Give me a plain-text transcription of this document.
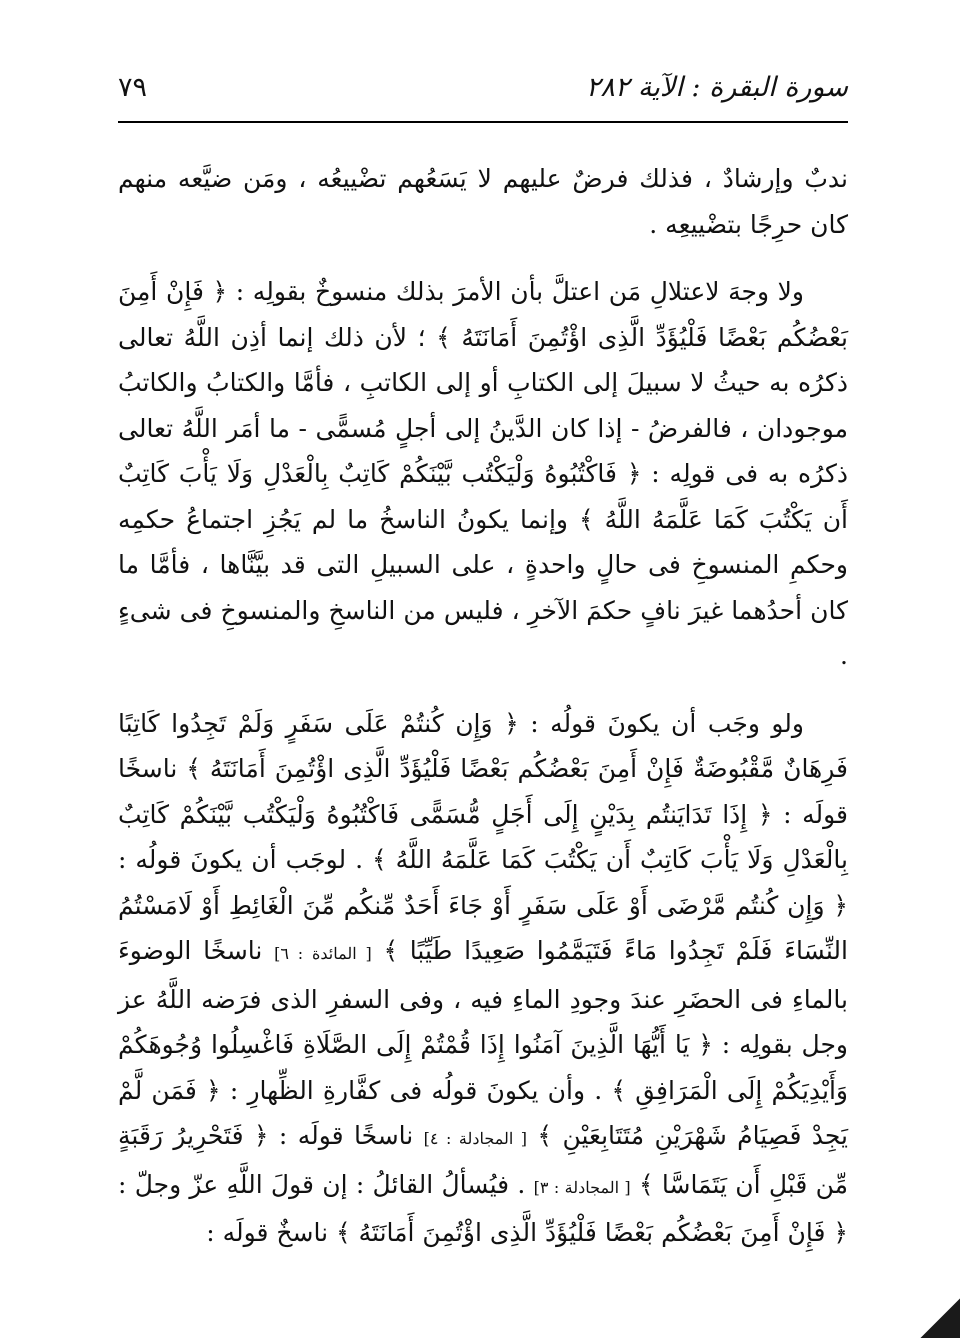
سورة البقرة : الآية ٢٨٢
٧٩

ندبٌ وإرشادٌ ، فذلك فرضٌ عليهم لا يَسَعُهم تضْييعُه ، ومَن ضيَّعه منهم كان حرِجًا بتضْييعِه .

ولا وجهَ لاعتلالِ مَن اعتلَّ بأن الأمرَ بذلك منسوخٌ بقولِه : ﴿ فَإِنْ أَمِنَ بَعْضُكُم بَعْضًا فَلْيُؤَدِّ الَّذِى اؤْتُمِنَ أَمَانَتَهُ ﴾ ؛ لأن ذلك إنما أذِن اللَّهُ تعالى ذكرُه به حيثُ لا سبيلَ إلى الكتابِ أو إلى الكاتبِ ، فأمَّا والكتابُ والكاتبُ موجودان ، فالفرضُ - إذا كان الدَّينُ إلى أجلٍ مُسمًّى - ما أمَر اللَّهُ تعالى ذكرُه به فى قولِه : ﴿ فَاكْتُبُوهُ وَلْيَكْتُب بَّيْنَكُمْ كَاتِبٌ بِالْعَدْلِ وَلَا يَأْبَ كَاتِبٌ أَن يَكْتُبَ كَمَا عَلَّمَهُ اللَّهُ ﴾ وإنما يكونُ الناسخُ ما لم يَجُزِ اجتماعُ حكمِه وحكمِ المنسوخِ فى حالٍ واحدةٍ ، على السبيلِ التى قد بيَّنَّاها ، فأمَّا ما كان أحدُهما غيرَ نافٍ حكمَ الآخرِ ، فليس من الناسخِ والمنسوخِ فى شىءٍ .

ولو وجَب أن يكونَ قولُه : ﴿ وَإِن كُنتُمْ عَلَى سَفَرٍ وَلَمْ تَجِدُوا كَاتِبًا فَرِهَانٌ مَّقْبُوضَةٌ فَإِنْ أَمِنَ بَعْضُكُم بَعْضًا فَلْيُؤَدِّ الَّذِى اؤْتُمِنَ أَمَانَتَهُ ﴾ ناسخًا قولَه : ﴿ إِذَا تَدَايَنتُم بِدَيْنٍ إِلَى أَجَلٍ مُّسَمًّى فَاكْتُبُوهُ وَلْيَكْتُب بَّيْنَكُمْ كَاتِبٌ بِالْعَدْلِ وَلَا يَأْبَ كَاتِبٌ أَن يَكْتُبَ كَمَا عَلَّمَهُ اللَّهُ ﴾ . لوجَب أن يكونَ قولُه : ﴿ وَإِن كُنتُم مَّرْضَى أَوْ عَلَى سَفَرٍ أَوْ جَاءَ أَحَدٌ مِّنكُم مِّنَ الْغَائِطِ أَوْ لَامَسْتُمُ النِّسَاءَ فَلَمْ تَجِدُوا مَاءً فَتَيَمَّمُوا صَعِيدًا طَيِّبًا ﴾ [ المائدة : ٦] ناسخًا الوضوءَ بالماءِ فى الحضَرِ عندَ وجودِ الماءِ فيه ، وفى السفرِ الذى فرَضه اللَّهُ عز وجل بقولِه : ﴿ يَا أَيُّهَا الَّذِينَ آمَنُوا إِذَا قُمْتُمْ إِلَى الصَّلَاةِ فَاغْسِلُوا وُجُوهَكُمْ وَأَيْدِيَكُمْ إِلَى الْمَرَافِقِ ﴾ . وأن يكونَ قولُه فى كفَّارةِ الظِّهارِ : ﴿ فَمَن لَّمْ يَجِدْ فَصِيَامُ شَهْرَيْنِ مُتَتَابِعَيْنِ ﴾ [ المجادلة : ٤] ناسخًا قولَه : ﴿ فَتَحْرِيرُ رَقَبَةٍ مِّن قَبْلِ أَن يَتَمَاسَّا ﴾ [ المجادلة : ٣] . فيُسألُ القائلُ : إن قولَ اللَّهِ عزّ وجلّ : ﴿ فَإِنْ أَمِنَ بَعْضُكُم بَعْضًا فَلْيُؤَدِّ الَّذِى اؤْتُمِنَ أَمَانَتَهُ ﴾ ناسخٌ قولَه :
